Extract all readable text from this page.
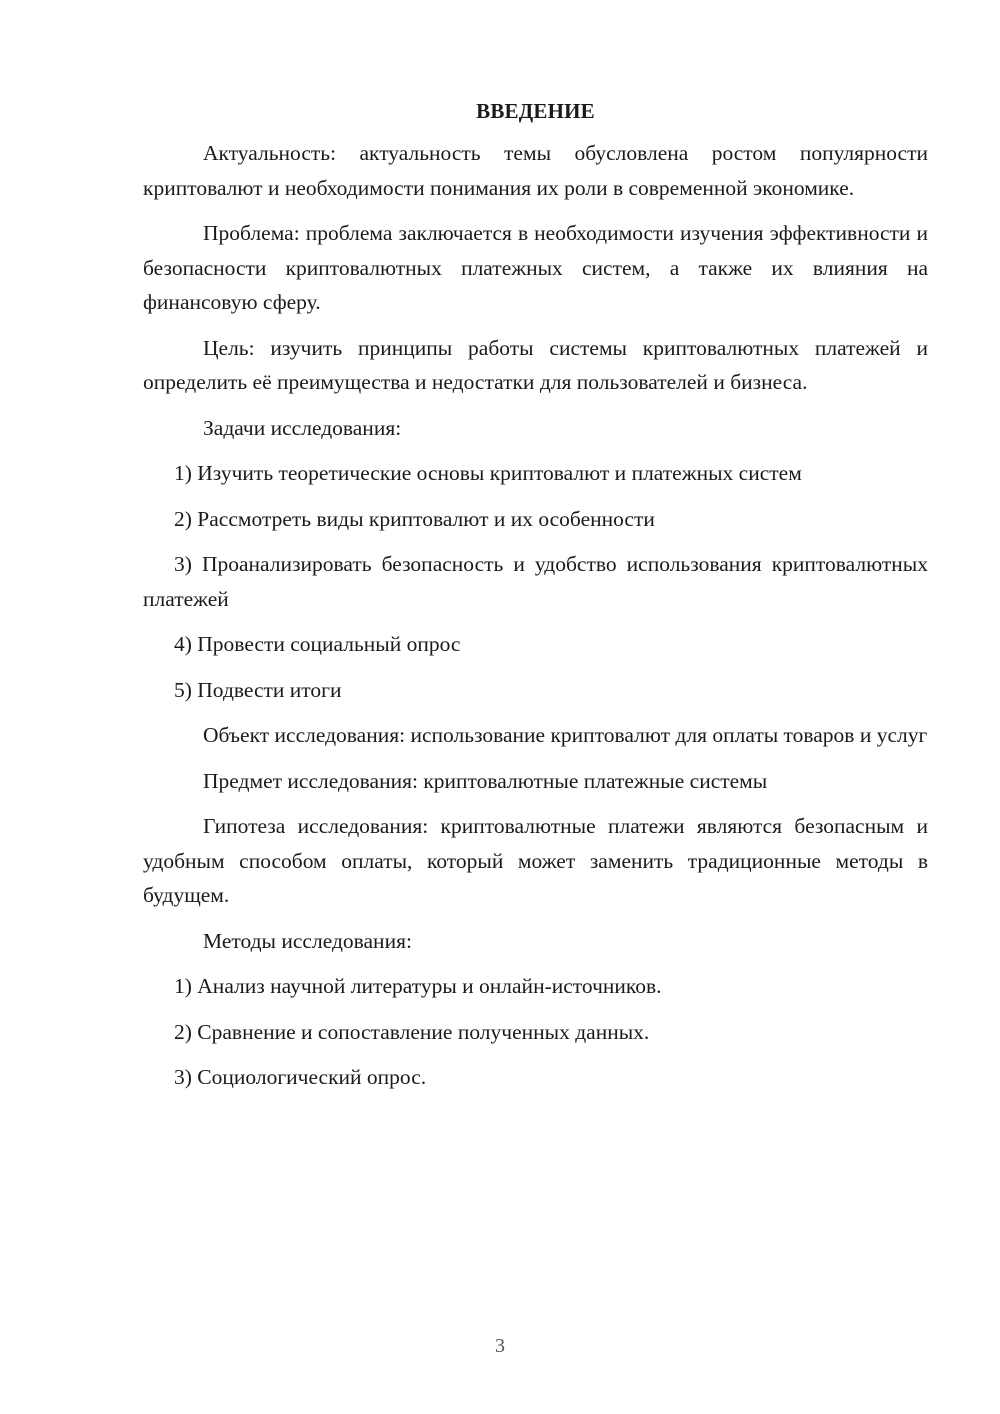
ВВЕДЕНИЕ

Актуальность: актуальность темы обусловлена ростом популярности криптовалют и необходимости понимания их роли в современной экономике.

Проблема: проблема заключается в необходимости изучения эффективности и безопасности криптовалютных платежных систем, а также их влияния на финансовую сферу.

Цель: изучить принципы работы системы криптовалютных платежей и определить её преимущества и недостатки для пользователей и бизнеса.

Задачи исследования:

1) Изучить теоретические основы криптовалют и платежных систем

2) Рассмотреть виды криптовалют и их особенности

3) Проанализировать безопасность и удобство использования криптовалютных платежей

4) Провести социальный опрос

5) Подвести итоги

Объект исследования: использование криптовалют для оплаты товаров и услуг

Предмет исследования: криптовалютные платежные системы

Гипотеза исследования: криптовалютные платежи являются безопасным и удобным способом оплаты, который может заменить традиционные методы в будущем.

Методы исследования:

1) Анализ научной литературы и онлайн-источников.

2) Сравнение и сопоставление полученных данных.

3) Социологический опрос.

3
